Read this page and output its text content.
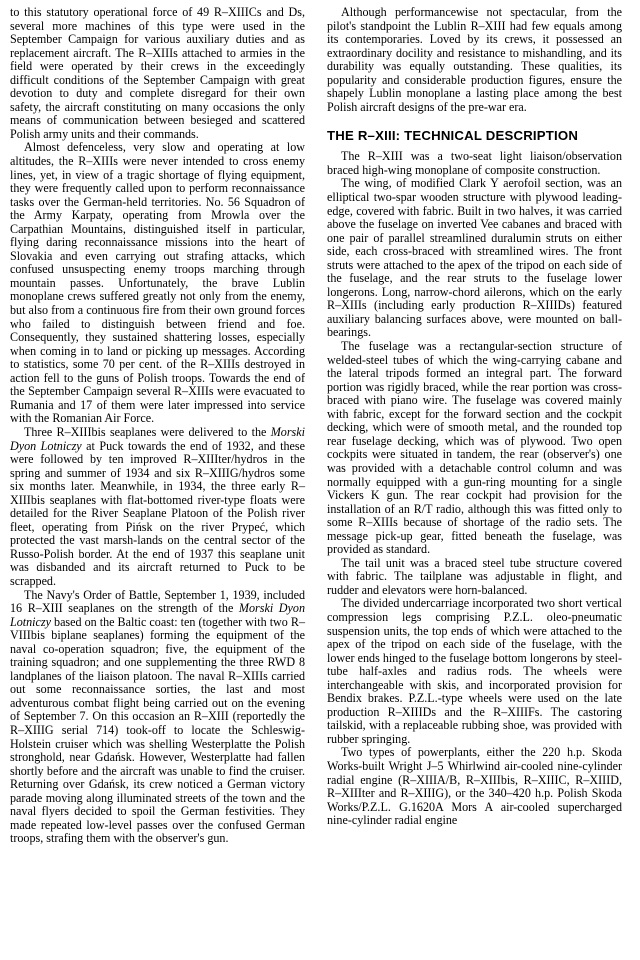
to this statutory operational force of 49 R–XIIICs and Ds, several more machines of this type were used in the September Campaign for various auxiliary duties and as replacement aircraft. The R–XIIIs attached to armies in the field were operated by their crews in the exceedingly difficult conditions of the September Campaign with great devotion to duty and complete disregard for their own safety, the aircraft constituting on many occasions the only means of communication between besieged and scattered Polish army units and their commands.

Almost defenceless, very slow and operating at low altitudes, the R–XIIIs were never intended to cross enemy lines, yet, in view of a tragic shortage of flying equipment, they were frequently called upon to perform reconnaissance tasks over the German-held territories. No. 56 Squadron of the Army Karpaty, operating from Mrowla over the Carpathian Mountains, distinguished itself in particular, flying daring reconnaissance missions into the heart of Slovakia and even carrying out strafing attacks, which confused unsuspecting enemy troops marching through mountain passes. Unfortunately, the brave Lublin monoplane crews suffered greatly not only from the enemy, but also from a continuous fire from their own ground forces who failed to distinguish between friend and foe. Consequently, they sustained shattering losses, especially when coming in to land or picking up messages. According to statistics, some 70 per cent. of the R–XIIIs destroyed in action fell to the guns of Polish troops. Towards the end of the September Campaign several R–XIIIs were evacuated to Rumania and 17 of them were later impressed into service with the Romanian Air Force.

Three R–XIIIbis seaplanes were delivered to the Morski Dyon Lotniczy at Puck towards the end of 1932, and these were followed by ten improved R–XIIIter/hydros in the spring and summer of 1934 and six R–XIIIG/hydros some six months later. Meanwhile, in 1934, the three early R–XIIIbis seaplanes with flat-bottomed river-type floats were detailed for the River Seaplane Platoon of the Polish river fleet, operating from Pińsk on the river Prypeć, which protected the vast marsh-lands on the central sector of the Russo-Polish border. At the end of 1937 this seaplane unit was disbanded and its aircraft returned to Puck to be scrapped.

The Navy's Order of Battle, September 1, 1939, included 16 R–XIII seaplanes on the strength of the Morski Dyon Lotniczy based on the Baltic coast: ten (together with two R–VIIIbis biplane seaplanes) forming the equipment of the naval co-operation squadron; five, the equipment of the training squadron; and one supplementing the three RWD 8 landplanes of the liaison platoon. The naval R–XIIIs carried out some reconnaissance sorties, the last and most adventurous combat flight being carried out on the evening of September 7. On this occasion an R–XIII (reportedly the R–XIIIG serial 714) took-off to locate the Schleswig-Holstein cruiser which was shelling Westerplatte the Polish stronghold, near Gdańsk. However, Westerplatte had fallen shortly before and the aircraft was unable to find the cruiser. Returning over Gdańsk, its crew noticed a German victory parade moving along illuminated streets of the town and the naval flyers decided to spoil the German festivities. They made repeated low-level passes over the confused German troops, strafing them with the observer's gun.

Although performancewise not spectacular, from the pilot's standpoint the Lublin R–XIII had few equals among its contemporaries. Loved by its crews, it possessed an extraordinary docility and resistance to mishandling, and its durability was equally outstanding. These qualities, its popularity and considerable production figures, ensure the shapely Lublin monoplane a lasting place among the best Polish aircraft designs of the pre-war era.

THE R–XIII: TECHNICAL DESCRIPTION

The R–XIII was a two-seat light liaison/observation braced high-wing monoplane of composite construction.

The wing, of modified Clark Y aerofoil section, was an elliptical two-spar wooden structure with plywood leading-edge, covered with fabric. Built in two halves, it was carried above the fuselage on inverted Vee cabanes and braced with one pair of parallel streamlined duralumin struts on either side, each cross-braced with streamlined wires. The front struts were attached to the apex of the tripod on each side of the fuselage, and the rear struts to the fuselage lower longerons. Long, narrow-chord ailerons, which on the early R–XIIIs (including early production R–XIIIDs) featured auxiliary balancing surfaces above, were mounted on ball-bearings.

The fuselage was a rectangular-section structure of welded-steel tubes of which the wing-carrying cabane and the lateral tripods formed an integral part. The forward portion was rigidly braced, while the rear portion was cross-braced with piano wire. The fuselage was covered mainly with fabric, except for the forward section and the cockpit decking, which were of smooth metal, and the rounded top rear fuselage decking, which was of plywood. Two open cockpits were situated in tandem, the rear (observer's) one was provided with a detachable control column and was normally equipped with a gun-ring mounting for a single Vickers K gun. The rear cockpit had provision for the installation of an R/T radio, although this was fitted only to some R–XIIIs because of shortage of the radio sets. The message pick-up gear, fitted beneath the fuselage, was provided as standard.

The tail unit was a braced steel tube structure covered with fabric. The tailplane was adjustable in flight, and rudder and elevators were horn-balanced.

The divided undercarriage incorporated two short vertical compression legs comprising P.Z.L. oleo-pneumatic suspension units, the top ends of which were attached to the apex of the tripod on each side of the fuselage, with the lower ends hinged to the fuselage bottom longerons by steel-tube half-axles and radius rods. The wheels were interchangeable with skis, and incorporated provision for Bendix brakes. P.Z.L.-type wheels were used on the late production R–XIIIDs and the R–XIIIFs. The castoring tailskid, with a replaceable rubbing shoe, was provided with rubber springing.

Two types of powerplants, either the 220 h.p. Skoda Works-built Wright J–5 Whirlwind air-cooled nine-cylinder radial engine (R–XIIIA/B, R–XIIIbis, R–XIIIC, R–XIIID, R–XIIIter and R–XIIIG), or the 340–420 h.p. Polish Skoda Works/P.Z.L. G.1620A Mors A air-cooled supercharged nine-cylinder radial engine
